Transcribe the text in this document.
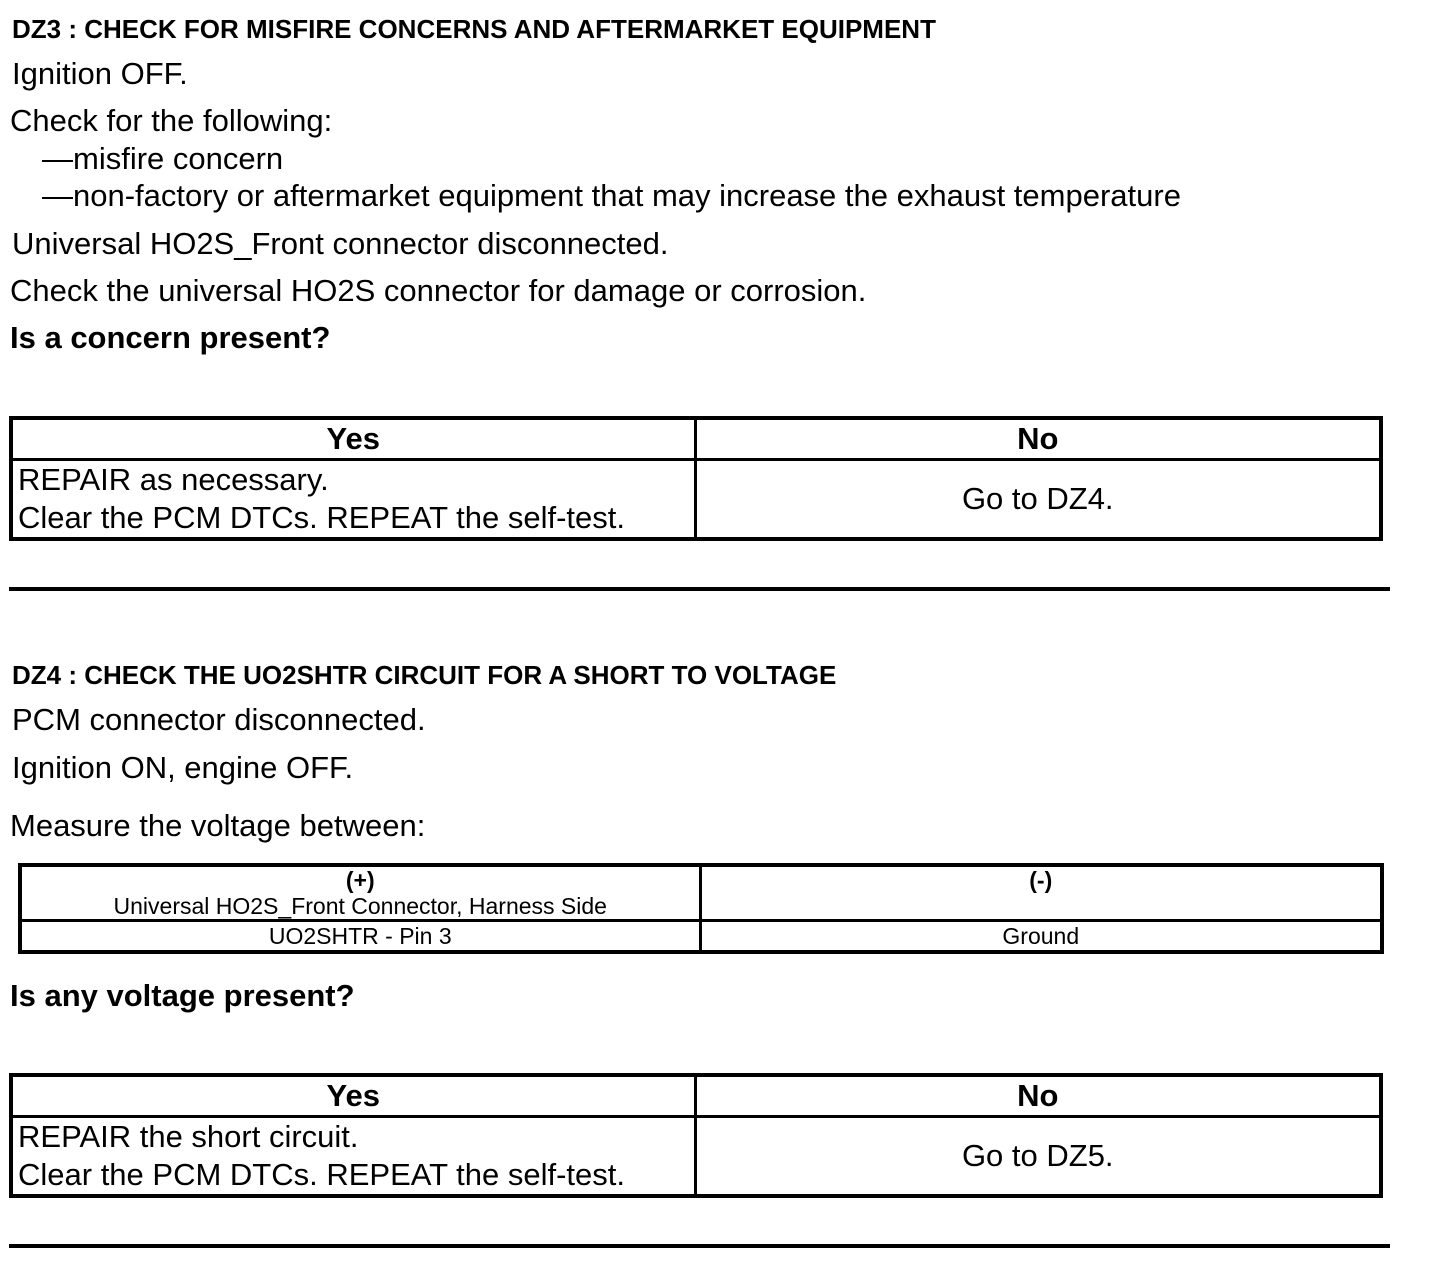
DZ3 : CHECK FOR MISFIRE CONCERNS AND AFTERMARKET EQUIPMENT
Ignition OFF.
Check for the following:
—misfire concern
—non-factory or aftermarket equipment that may increase the exhaust temperature
Universal HO2S_Front connector disconnected.
Check the universal HO2S connector for damage or corrosion.
Is a concern present?
Yes	No

REPAIR as necessary.
Clear the PCM DTCs. REPEAT the self-test.	Go to DZ4.
DZ4 : CHECK THE UO2SHTR CIRCUIT FOR A SHORT TO VOLTAGE
PCM connector disconnected.
Ignition ON, engine OFF.
Measure the voltage between:
(+)
Universal HO2S_Front Connector, Harness Side	(-)

UO2SHTR - Pin 3	Ground
Is any voltage present?
Yes	No

REPAIR the short circuit.
Clear the PCM DTCs. REPEAT the self-test.	Go to DZ5.
